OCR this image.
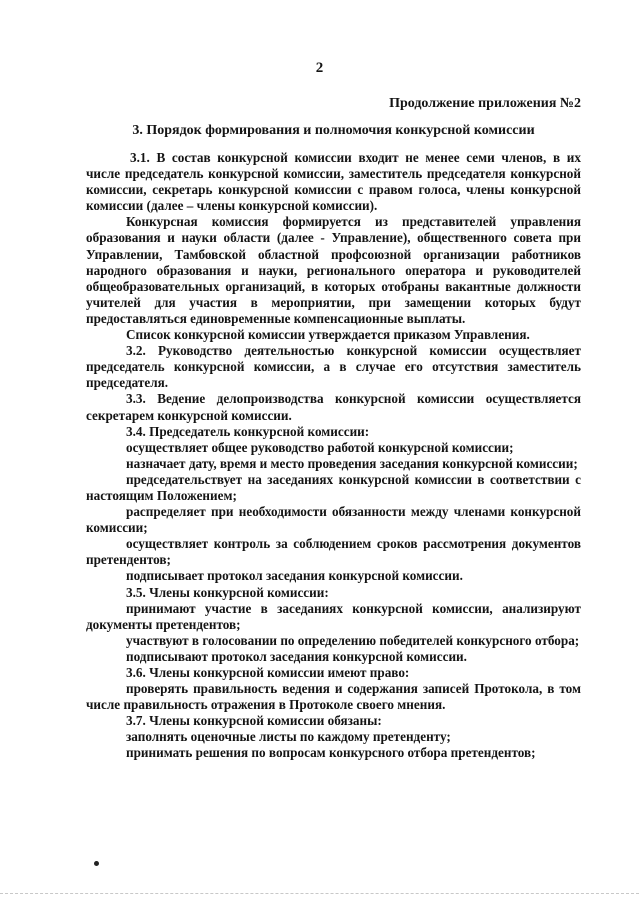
2
Продолжение приложения №2
3. Порядок формирования и полномочия конкурсной комиссии

3.1. В состав конкурсной комиссии входит не менее семи членов, в их числе председатель конкурсной комиссии, заместитель председателя конкурсной комиссии, секретарь конкурсной комиссии с правом голоса, члены конкурсной комиссии (далее – члены конкурсной комиссии).

Конкурсная комиссия формируется из представителей управления образования и науки области (далее - Управление), общественного совета при Управлении, Тамбовской областной профсоюзной организации работников народного образования и науки, регионального оператора и руководителей общеобразовательных организаций, в которых отобраны вакантные должности учителей для участия в мероприятии, при замещении которых будут предоставляться единовременные компенсационные выплаты.

Список конкурсной комиссии утверждается приказом Управления.

3.2. Руководство деятельностью конкурсной комиссии осуществляет председатель конкурсной комиссии, а в случае его отсутствия заместитель председателя.

3.3. Ведение делопроизводства конкурсной комиссии осуществляется секретарем конкурсной комиссии.

3.4. Председатель конкурсной комиссии:

осуществляет общее руководство работой конкурсной комиссии;

назначает дату, время и место проведения заседания конкурсной комиссии;

председательствует на заседаниях конкурсной комиссии в соответствии с настоящим Положением;

распределяет при необходимости обязанности между членами конкурсной комиссии;

осуществляет контроль за соблюдением сроков рассмотрения документов претендентов;

подписывает протокол заседания конкурсной комиссии.

3.5. Члены конкурсной комиссии:

принимают участие в заседаниях конкурсной комиссии, анализируют документы претендентов;

участвуют в голосовании по определению победителей конкурсного отбора;

подписывают протокол заседания конкурсной комиссии.

3.6. Члены конкурсной комиссии имеют право:

проверять правильность ведения и содержания записей Протокола, в том числе правильность отражения в Протоколе своего мнения.

3.7. Члены конкурсной комиссии обязаны:

заполнять оценочные листы по каждому претенденту;

принимать решения по вопросам конкурсного отбора претендентов;
